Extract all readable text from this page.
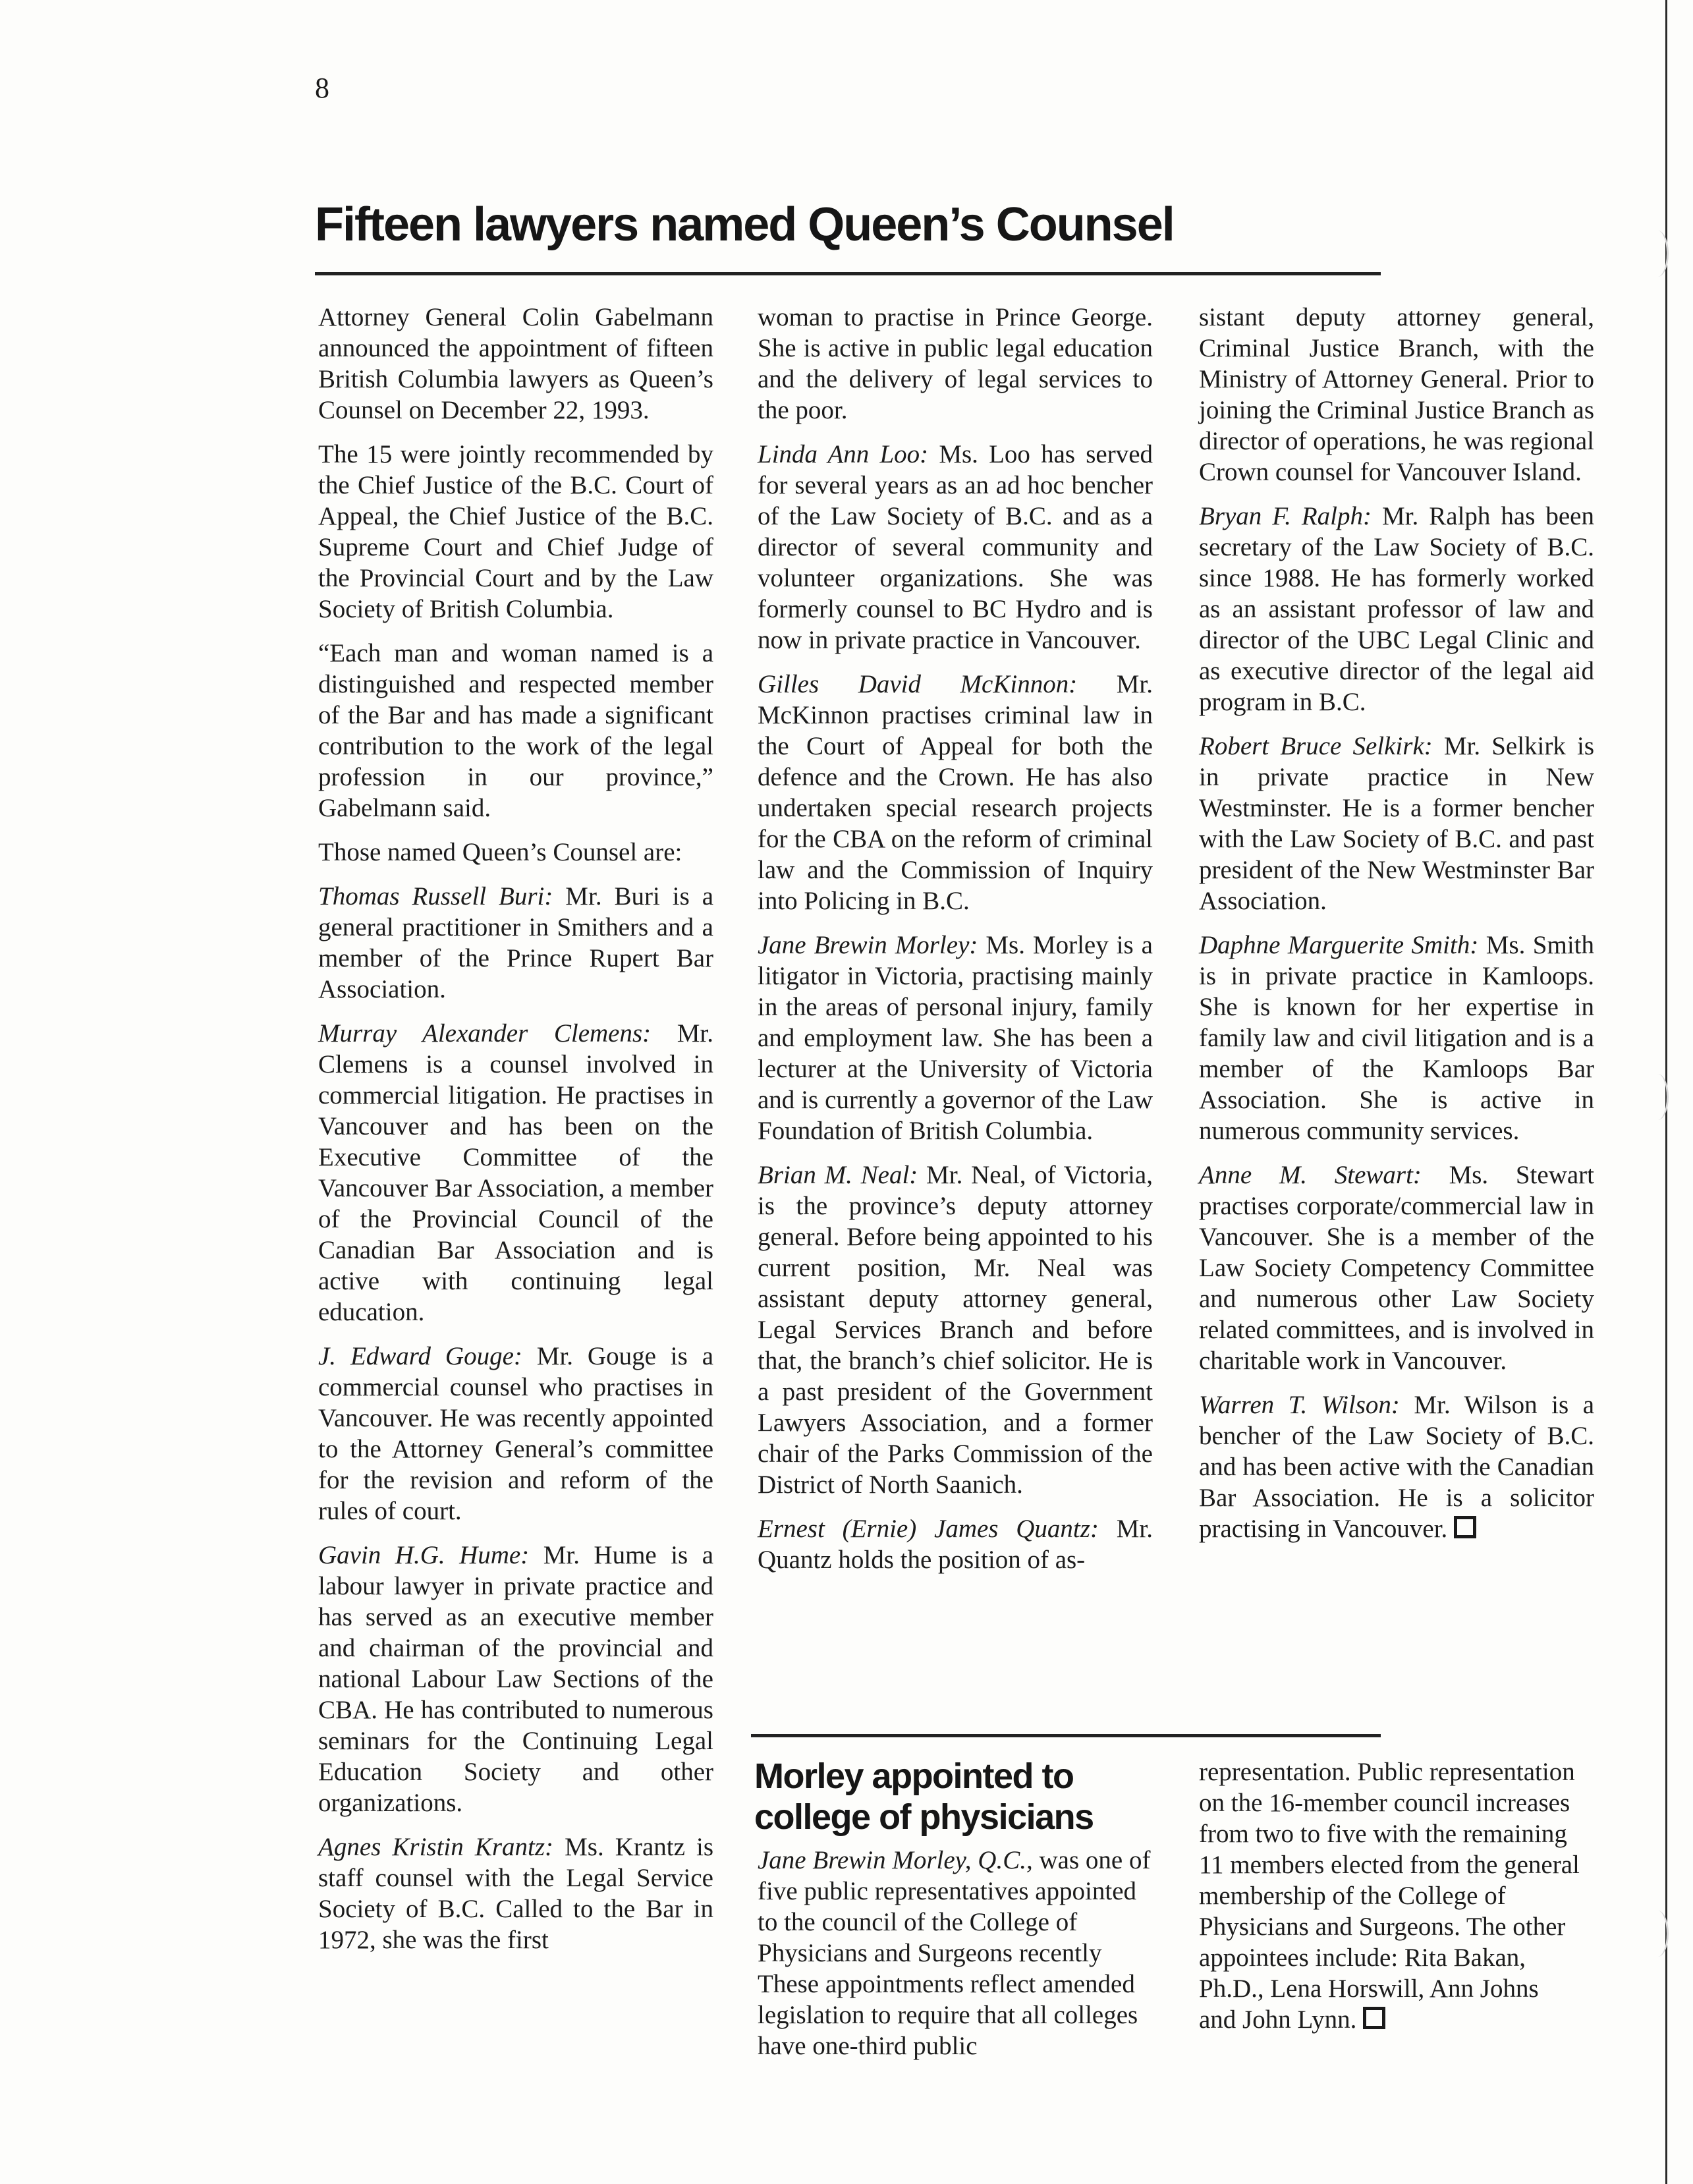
8
Fifteen lawyers named Queen’s Counsel

Attorney General Colin Gabelmann announced the appointment of fifteen British Columbia lawyers as Queen’s Counsel on December 22, 1993.

The 15 were jointly recommended by the Chief Justice of the B.C. Court of Appeal, the Chief Justice of the B.C. Supreme Court and Chief Judge of the Provincial Court and by the Law Society of British Columbia.

“Each man and woman named is a distinguished and respected member of the Bar and has made a significant contribution to the work of the legal profession in our province,” Gabelmann said.

Those named Queen’s Counsel are:

Thomas Russell Buri: Mr. Buri is a general practitioner in Smithers and a member of the Prince Rupert Bar Association.

Murray Alexander Clemens: Mr. Clemens is a counsel involved in commercial litigation. He practises in Vancouver and has been on the Executive Committee of the Vancouver Bar Association, a member of the Provincial Council of the Canadian Bar Association and is active with continuing legal education.

J. Edward Gouge: Mr. Gouge is a commercial counsel who practises in Vancouver. He was recently appointed to the Attorney General’s committee for the revision and reform of the rules of court.

Gavin H.G. Hume: Mr. Hume is a labour lawyer in private practice and has served as an executive member and chairman of the provincial and national Labour Law Sections of the CBA. He has contributed to numerous seminars for the Continuing Legal Education Society and other organizations.

Agnes Kristin Krantz: Ms. Krantz is staff counsel with the Legal Service Society of B.C. Called to the Bar in 1972, she was the first

woman to practise in Prince George. She is active in public legal education and the delivery of legal services to the poor.

Linda Ann Loo: Ms. Loo has served for several years as an ad hoc bencher of the Law Society of B.C. and as a director of several community and volunteer organizations. She was formerly counsel to BC Hydro and is now in private practice in Vancouver.

Gilles David McKinnon: Mr. McKinnon practises criminal law in the Court of Appeal for both the defence and the Crown. He has also undertaken special research projects for the CBA on the reform of criminal law and the Commission of Inquiry into Policing in B.C.

Jane Brewin Morley: Ms. Morley is a litigator in Victoria, practising mainly in the areas of personal injury, family and employment law. She has been a lecturer at the University of Victoria and is currently a governor of the Law Foundation of British Columbia.

Brian M. Neal: Mr. Neal, of Victoria, is the province’s deputy attorney general. Before being appointed to his current position, Mr. Neal was assistant deputy attorney general, Legal Services Branch and before that, the branch’s chief solicitor. He is a past president of the Government Lawyers Association, and a former chair of the Parks Commission of the District of North Saanich.

Ernest (Ernie) James Quantz: Mr. Quantz holds the position of as-

sistant deputy attorney general, Criminal Justice Branch, with the Ministry of Attorney General. Prior to joining the Criminal Justice Branch as director of operations, he was regional Crown counsel for Vancouver Island.

Bryan F. Ralph: Mr. Ralph has been secretary of the Law Society of B.C. since 1988. He has formerly worked as an assistant professor of law and director of the UBC Legal Clinic and as executive director of the legal aid program in B.C.

Robert Bruce Selkirk: Mr. Selkirk is in private practice in New Westminster. He is a former bencher with the Law Society of B.C. and past president of the New Westminster Bar Association.

Daphne Marguerite Smith: Ms. Smith is in private practice in Kamloops. She is known for her expertise in family law and civil litigation and is a member of the Kamloops Bar Association. She is active in numerous community services.

Anne M. Stewart: Ms. Stewart practises corporate/commercial law in Vancouver. She is a member of the Law Society Competency Committee and numerous other Law Society related committees, and is involved in charitable work in Vancouver.

Warren T. Wilson: Mr. Wilson is a bencher of the Law Society of B.C. and has been active with the Canadian Bar Association. He is a solicitor practising in Vancouver.

Morley appointed to college of physicians

Jane Brewin Morley, Q.C., was one of five public representatives appointed to the council of the College of Physicians and Surgeons recently These appointments reflect amended legislation to require that all colleges have one-third public

representation. Public representation on the 16-member council increases from two to five with the remaining 11 members elected from the general membership of the College of Physicians and Surgeons. The other appointees include: Rita Bakan, Ph.D., Lena Horswill, Ann Johns and John Lynn.
